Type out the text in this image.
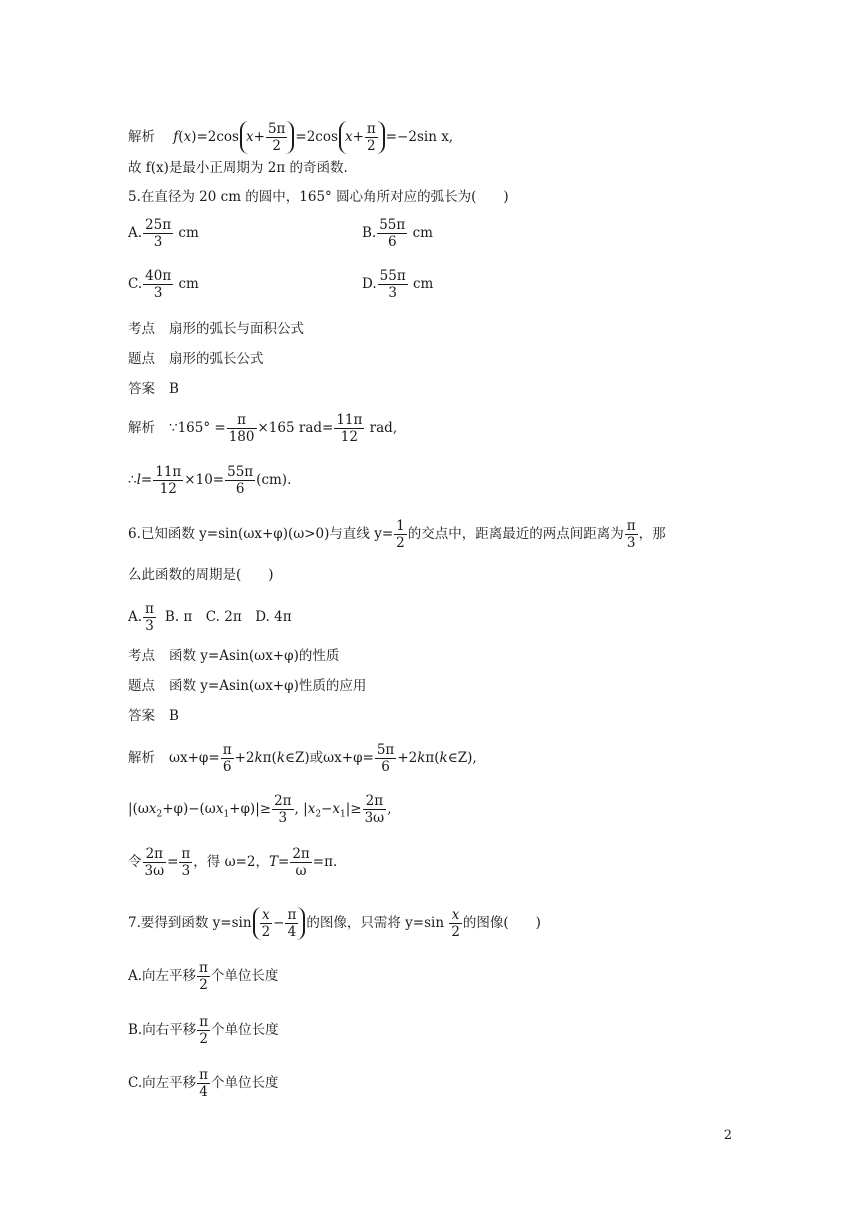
解析 f(x)=2cos $x+ \frac{5\pi}{2} =2\cos$ $x+ \frac{\pi}{2} =-2\sin$ x,
故 f(x)是最小正周期为 2π 的奇函数.
5.在直径为 20 cm 的圆中，165° 圆心角所对应的弧长为(　　)
A. $\frac{25\pi}{3}$ cm	B. $\frac{55\pi}{6}$ cm
C. $\frac{40\pi}{3}$ cm	D. $\frac{55\pi}{3}$ cm
考点 扇形的弧长与面积公式
题点 扇形的弧长公式
答案 B
解析 ∵165° = $\frac{\pi}{180} \times 165$ $rad= \frac{11\pi}{12}$ rad,
∴l= $\frac{11\pi}{12} \times 10= \frac{55\pi}{6} (cm)$.
6.已知函数 y=sin(ωx+φ)(ω>0)与直线 $y= \frac{1}{2}$ 的交点中，距离最近的两点间距离为 $\frac{\pi}{3}$ ，那
么此函数的周期是(　　)
A. $\frac{\pi}{3} B$. π　C. 2π　D. 4π
考点 函数 y=Asin(ωx+φ)的性质
题点 函数 y=Asin(ωx+φ)性质的应用
答案 B
解析 $\omega x+\varphi= \frac{\pi}{6}$ +2kπ(k∈Z)或$\omega x+\varphi= \frac{5\pi}{6}$ +2kπ(k∈Z),
$|(\omega x_2+\varphi)-(\omega x_1+\varphi)|\ge \frac{2\pi}{3}$ , $|x_2-x_1|\ge \frac{2\pi}{3\omega}$ ,
令 $\frac{2\pi}{3\omega} = \frac{\pi}{3}$ ，得 ω=2，$T= \frac{2\pi}{\omega} =\pi$.
7.要得到函数 $y=\sin \frac{x}{2} - \frac{\pi}{4}$ 的图像，只需将 $y=\sin \frac{x}{2}$ 的图像(　　)
A.向左平移 $\frac{\pi}{2}$ 个单位长度
B.向右平移 $\frac{\pi}{2}$ 个单位长度
C.向左平移 $\frac{\pi}{4}$ 个单位长度
2
